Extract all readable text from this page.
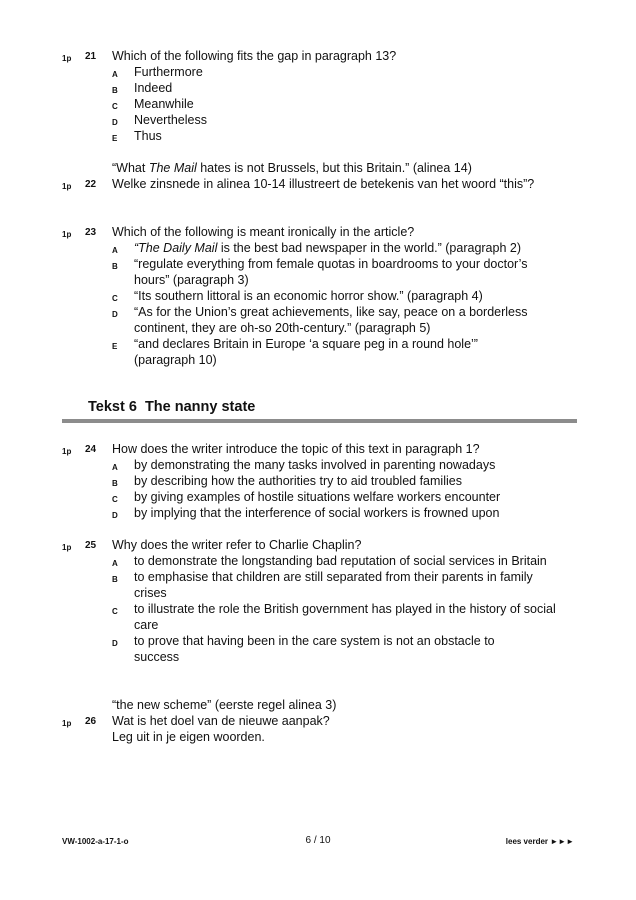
1p 21 Which of the following fits the gap in paragraph 13?
A Furthermore
B Indeed
C Meanwhile
D Nevertheless
E Thus
“What The Mail hates is not Brussels, but this Britain.” (alinea 14)
1p 22 Welke zinsnede in alinea 10-14 illustreert de betekenis van het woord “this”?
1p 23 Which of the following is meant ironically in the article?
A “The Daily Mail is the best bad newspaper in the world.” (paragraph 2)
B “regulate everything from female quotas in boardrooms to your doctor’s hours” (paragraph 3)
C “Its southern littoral is an economic horror show.” (paragraph 4)
D “As for the Union’s great achievements, like say, peace on a borderless continent, they are oh-so 20th-century.” (paragraph 5)
E “and declares Britain in Europe ‘a square peg in a round hole’” (paragraph 10)
Tekst 6  The nanny state
1p 24 How does the writer introduce the topic of this text in paragraph 1?
A by demonstrating the many tasks involved in parenting nowadays
B by describing how the authorities try to aid troubled families
C by giving examples of hostile situations welfare workers encounter
D by implying that the interference of social workers is frowned upon
1p 25 Why does the writer refer to Charlie Chaplin?
A to demonstrate the longstanding bad reputation of social services in Britain
B to emphasise that children are still separated from their parents in family crises
C to illustrate the role the British government has played in the history of social care
D to prove that having been in the care system is not an obstacle to success
“the new scheme” (eerste regel alinea 3)
1p 26 Wat is het doel van de nieuwe aanpak?
Leg uit in je eigen woorden.
VW-1002-a-17-1-o	6 / 10	lees verder ►►►
